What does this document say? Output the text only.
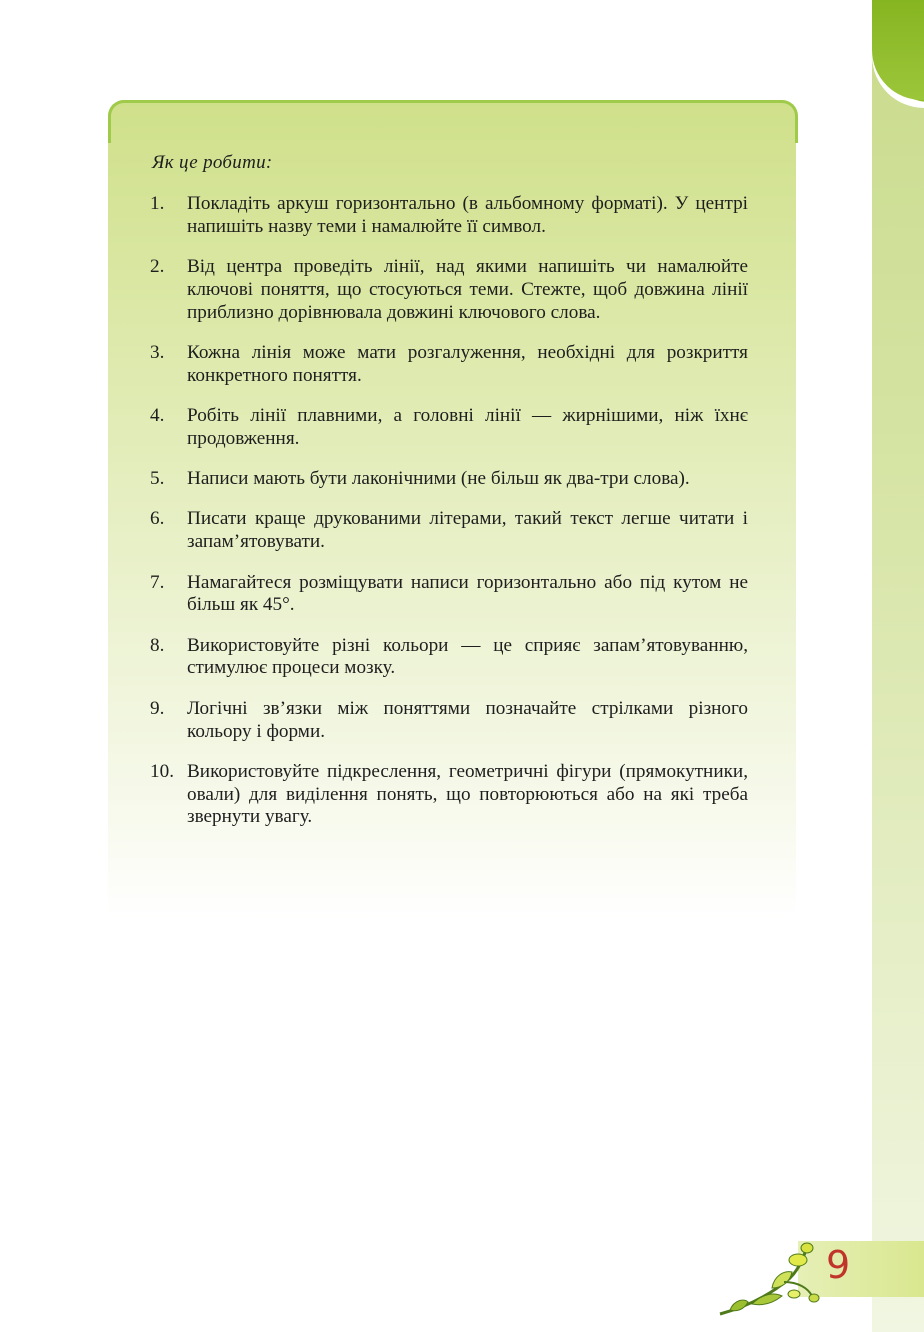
Як це робити:
1. Покладіть аркуш горизонтально (в альбомному форматі). У центрі напишіть назву теми і намалюйте її символ.
2. Від центра проведіть лінії, над якими напишіть чи намалюйте ключові поняття, що стосуються теми. Стежте, щоб довжина лінії приблизно дорівнювала довжині ключового слова.
3. Кожна лінія може мати розгалуження, необхідні для розкриття конкретного поняття.
4. Робіть лінії плавними, а головні лінії — жирнішими, ніж їхнє продовження.
5. Написи мають бути лаконічними (не більш як два-три слова).
6. Писати краще друкованими літерами, такий текст легше читати і запам’ятовувати.
7. Намагайтеся розміщувати написи горизонтально або під кутом не більш як 45°.
8. Використовуйте різні кольори — це сприяє запам’ятовуванню, стимулює процеси мозку.
9. Логічні зв’язки між поняттями позначайте стрілками різного кольору і форми.
10. Використовуйте підкреслення, геометричні фігури (прямокутники, овали) для виділення понять, що повторюються або на які треба звернути увагу.
9
